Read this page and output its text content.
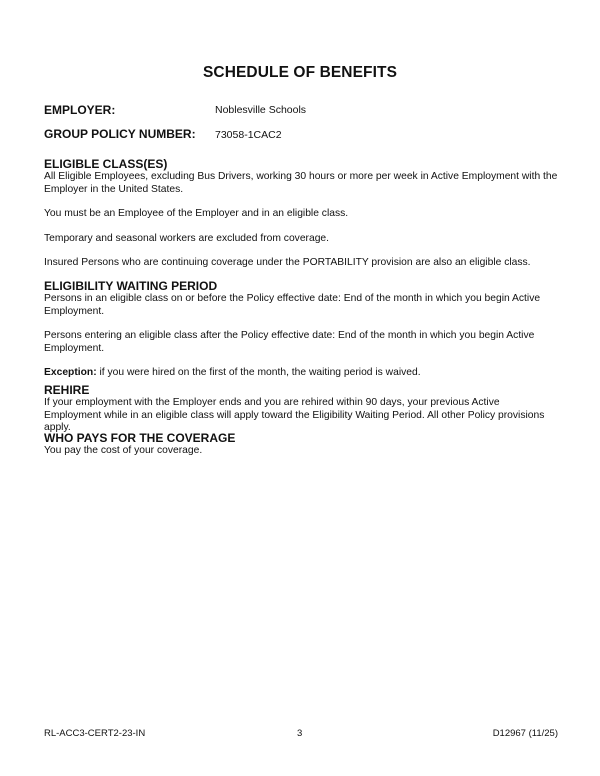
SCHEDULE OF BENEFITS
EMPLOYER:	Noblesville Schools
GROUP POLICY NUMBER: 73058-1CAC2

ELIGIBLE CLASS(ES)

All Eligible Employees, excluding Bus Drivers, working 30 hours or more per week in Active Employment with the Employer in the United States.

You must be an Employee of the Employer and in an eligible class.

Temporary and seasonal workers are excluded from coverage.

Insured Persons who are continuing coverage under the PORTABILITY provision are also an eligible class.

ELIGIBILITY WAITING PERIOD

Persons in an eligible class on or before the Policy effective date: End of the month in which you begin Active Employment.

Persons entering an eligible class after the Policy effective date: End of the month in which you begin Active Employment.

Exception: if you were hired on the first of the month, the waiting period is waived.

REHIRE

If your employment with the Employer ends and you are rehired within 90 days, your previous Active Employment while in an eligible class will apply toward the Eligibility Waiting Period. All other Policy provisions apply.

WHO PAYS FOR THE COVERAGE

You pay the cost of your coverage.

RL-ACC3-CERT2-23-IN	3	D12967 (11/25)
